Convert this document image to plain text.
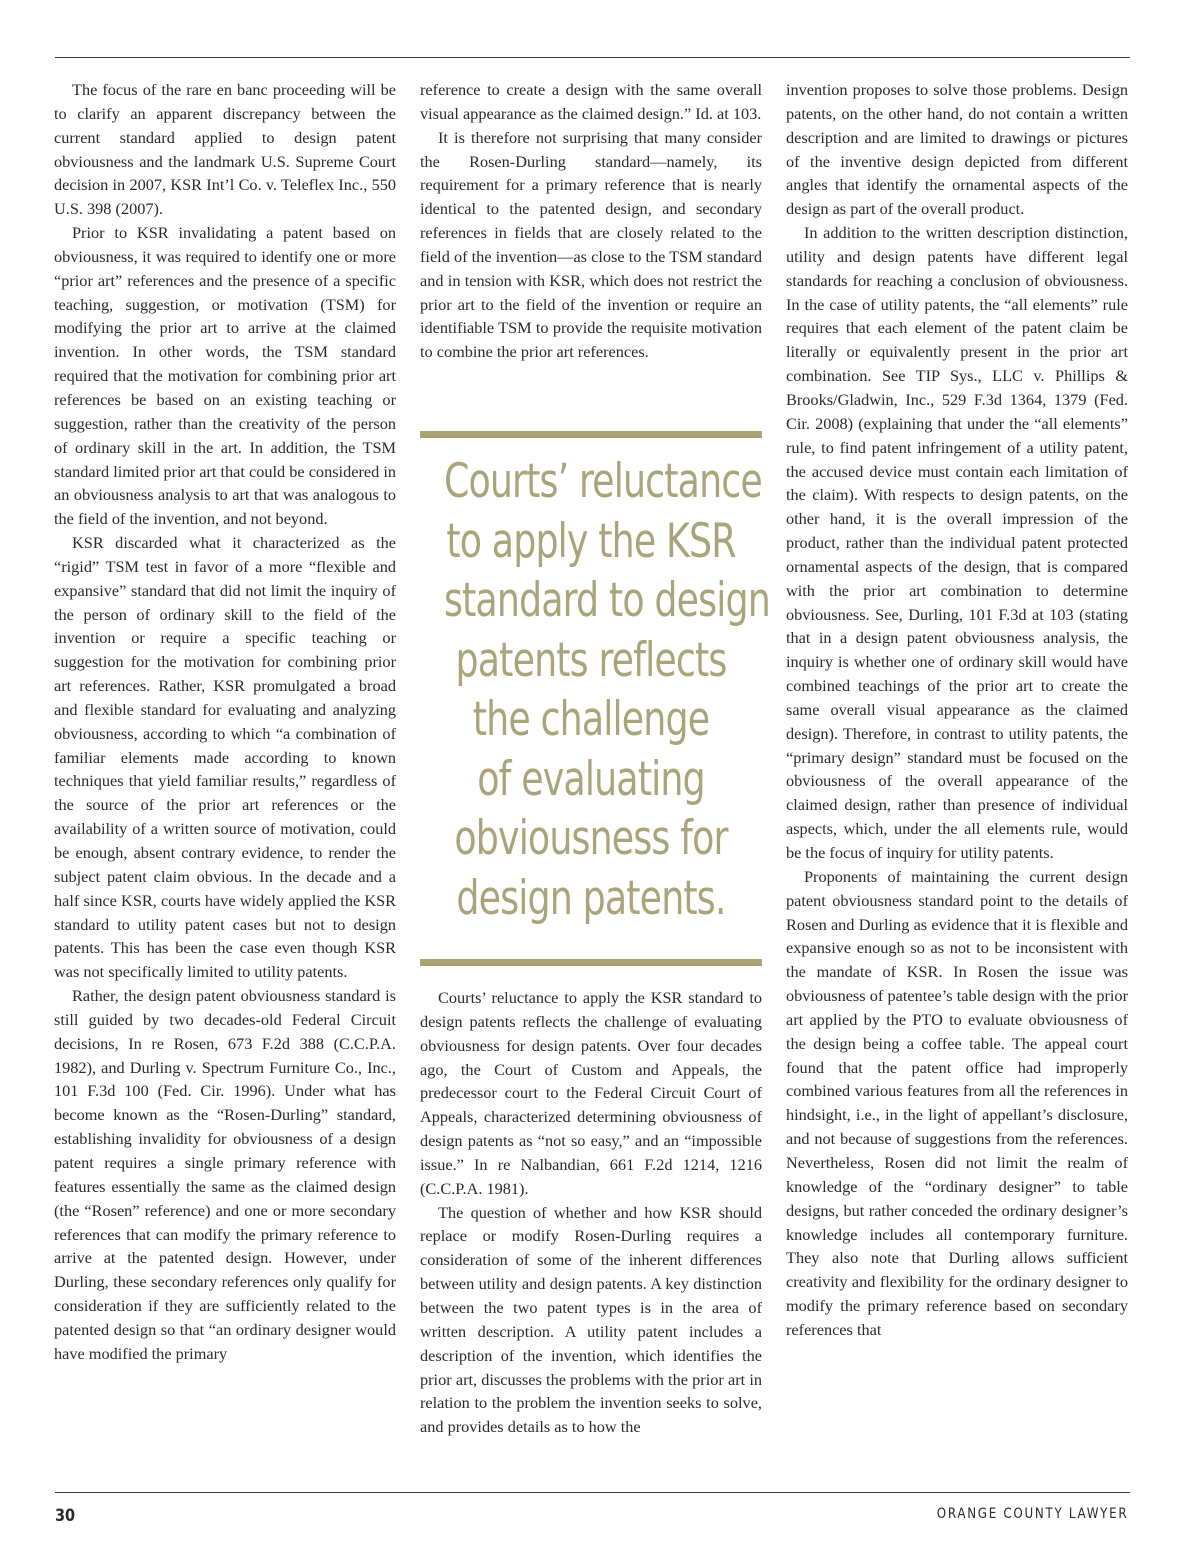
The focus of the rare en banc proceeding will be to clarify an apparent discrepancy between the current standard applied to design patent obviousness and the landmark U.S. Supreme Court decision in 2007, KSR Int’l Co. v. Teleflex Inc., 550 U.S. 398 (2007).

Prior to KSR invalidating a patent based on obviousness, it was required to identify one or more “prior art” references and the presence of a specific teaching, suggestion, or motivation (TSM) for modifying the prior art to arrive at the claimed invention. In other words, the TSM standard required that the motivation for combining prior art references be based on an existing teaching or suggestion, rather than the creativity of the person of ordinary skill in the art. In addition, the TSM standard limited prior art that could be considered in an obviousness analysis to art that was analogous to the field of the invention, and not beyond.

KSR discarded what it characterized as the “rigid” TSM test in favor of a more “flexible and expansive” standard that did not limit the inquiry of the person of ordinary skill to the field of the invention or require a specific teaching or suggestion for the motivation for combining prior art references. Rather, KSR promulgated a broad and flexible standard for evaluating and analyzing obviousness, according to which “a combination of familiar elements made according to known techniques that yield familiar results,” regardless of the source of the prior art references or the availability of a written source of motivation, could be enough, absent contrary evidence, to render the subject patent claim obvious. In the decade and a half since KSR, courts have widely applied the KSR standard to utility patent cases but not to design patents. This has been the case even though KSR was not specifically limited to utility patents.

Rather, the design patent obviousness standard is still guided by two decades-old Federal Circuit decisions, In re Rosen, 673 F.2d 388 (C.C.P.A. 1982), and Durling v. Spectrum Furniture Co., Inc., 101 F.3d 100 (Fed. Cir. 1996). Under what has become known as the “Rosen-Durling” standard, establishing invalidity for obviousness of a design patent requires a single primary reference with features essentially the same as the claimed design (the “Rosen” reference) and one or more secondary references that can modify the primary reference to arrive at the patented design. However, under Durling, these secondary references only qualify for consideration if they are sufficiently related to the patented design so that “an ordinary designer would have modified the primary

reference to create a design with the same overall visual appearance as the claimed design.” Id. at 103.

It is therefore not surprising that many consider the Rosen-Durling standard—namely, its requirement for a primary reference that is nearly identical to the patented design, and secondary references in fields that are closely related to the field of the invention—as close to the TSM standard and in tension with KSR, which does not restrict the prior art to the field of the invention or require an identifiable TSM to provide the requisite motivation to combine the prior art references.

Courts’ reluctance
to apply the KSR
standard to design
patents reflects
the challenge
of evaluating
obviousness for
design patents.

Courts’ reluctance to apply the KSR standard to design patents reflects the challenge of evaluating obviousness for design patents. Over four decades ago, the Court of Custom and Appeals, the predecessor court to the Federal Circuit Court of Appeals, characterized determining obviousness of design patents as “not so easy,” and an “impossible issue.” In re Nalbandian, 661 F.2d 1214, 1216 (C.C.P.A. 1981).

The question of whether and how KSR should replace or modify Rosen-Durling requires a consideration of some of the inherent differences between utility and design patents. A key distinction between the two patent types is in the area of written description. A utility patent includes a description of the invention, which identifies the prior art, discusses the problems with the prior art in relation to the problem the invention seeks to solve, and provides details as to how the

invention proposes to solve those problems. Design patents, on the other hand, do not contain a written description and are limited to drawings or pictures of the inventive design depicted from different angles that identify the ornamental aspects of the design as part of the overall product.

In addition to the written description distinction, utility and design patents have different legal standards for reaching a conclusion of obviousness. In the case of utility patents, the “all elements” rule requires that each element of the patent claim be literally or equivalently present in the prior art combination. See TIP Sys., LLC v. Phillips & Brooks/Gladwin, Inc., 529 F.3d 1364, 1379 (Fed. Cir. 2008) (explaining that under the “all elements” rule, to find patent infringement of a utility patent, the accused device must contain each limitation of the claim). With respects to design patents, on the other hand, it is the overall impression of the product, rather than the individual patent protected ornamental aspects of the design, that is compared with the prior art combination to determine obviousness. See, Durling, 101 F.3d at 103 (stating that in a design patent obviousness analysis, the inquiry is whether one of ordinary skill would have combined teachings of the prior art to create the same overall visual appearance as the claimed design). Therefore, in contrast to utility patents, the “primary design” standard must be focused on the obviousness of the overall appearance of the claimed design, rather than presence of individual aspects, which, under the all elements rule, would be the focus of inquiry for utility patents.

Proponents of maintaining the current design patent obviousness standard point to the details of Rosen and Durling as evidence that it is flexible and expansive enough so as not to be inconsistent with the mandate of KSR. In Rosen the issue was obviousness of patentee’s table design with the prior art applied by the PTO to evaluate obviousness of the design being a coffee table. The appeal court found that the patent office had improperly combined various features from all the references in hindsight, i.e., in the light of appellant’s disclosure, and not because of suggestions from the references. Nevertheless, Rosen did not limit the realm of knowledge of the “ordinary designer” to table designs, but rather conceded the ordinary designer’s knowledge includes all contemporary furniture. They also note that Durling allows sufficient creativity and flexibility for the ordinary designer to modify the primary reference based on secondary references that

30	ORANGE COUNTY LAWYER
